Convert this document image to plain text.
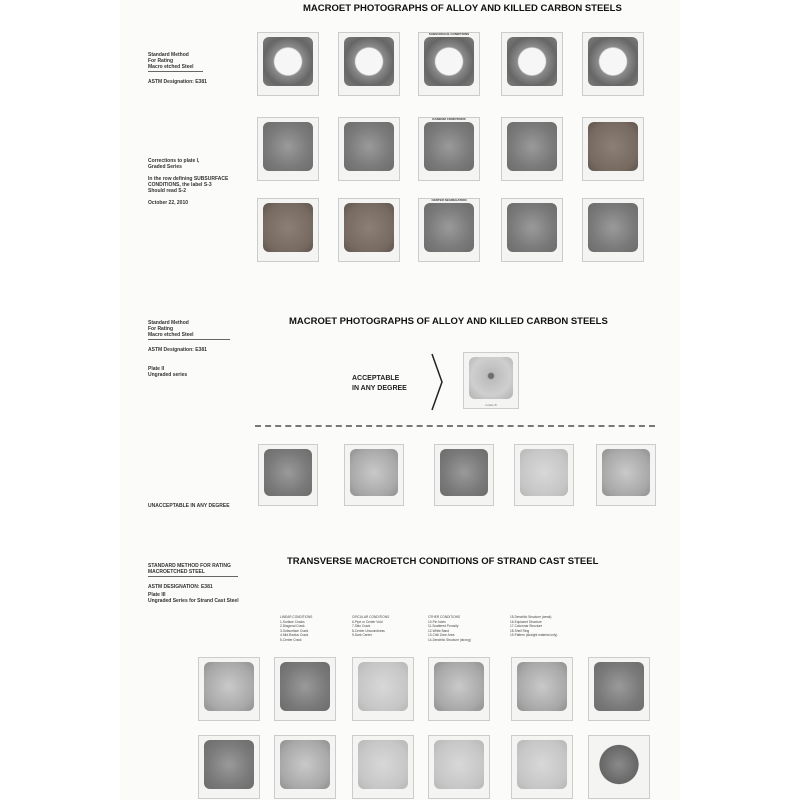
MACROET PHOTOGRAPHS OF ALLOY AND KILLED CARBON STEELS

Standard Method
For Rating
Macro etched Steel

ASTM Designation: E381

Corrections to plate I,
Graded Series

In the row defining SUBSURFACE
CONDITIONS, the label S-3
Should read S-2

October 22, 2010
SUBSURFACE CONDITIONS
RANDOM CONDITIONS
CENTER SEGREGATION

Standard Method
For Rating
Macro etched Steel

ASTM Designation: E381

Plate II
Ungraded series
MACROET PHOTOGRAPHS OF ALLOY AND KILLED CARBON STEELS
ACCEPTABLE
IN ANY DEGREE
Grade B
UNACCEPTABLE IN ANY DEGREE

STANDARD METHOD FOR RATING
MACROETCHED STEEL

ASTM DESIGNATION: E381

Plate III
Ungraded Series for Strand Cast Steel
TRANSVERSE MACROETCH CONDITIONS OF STRAND CAST STEEL
LINEAR CONDITIONS
1-Surface Cracks
2-Diagonal Crack
3-Subsurface Crack
4-Mid-Radius Crack
5-Center Crack
CIRCULAR CONDITIONS
6-Pipe or Center Void
7-Skin Crack
8-Center Unsoundness
9-Dark Center
OTHER CONDITIONS
10-Pin holes
11-Scattered Porosity
12-White Band
13-Chill Zone Area
14-Dendritic Structure (strong)
15-Dendritic Structure (weak)
16-Equiaxed Structure
17-Columnar Structure
18-Shell Ring
19-Pattern (straight material only)
